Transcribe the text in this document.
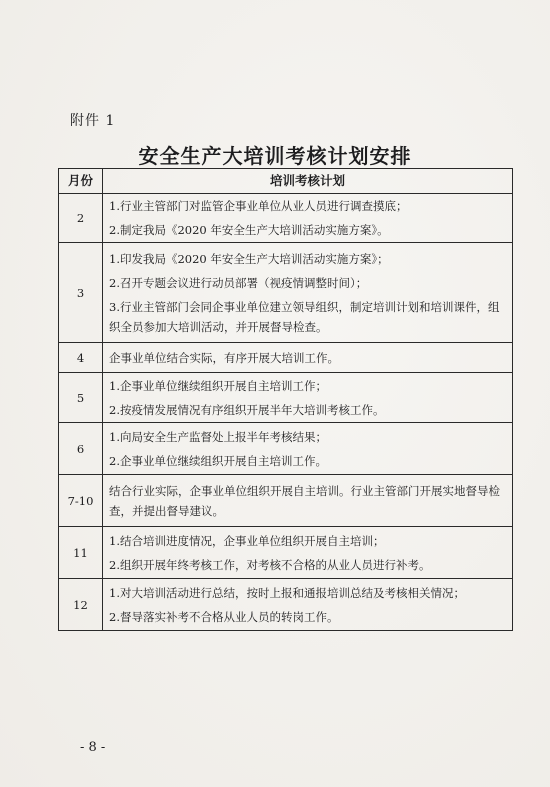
附件 1
安全生产大培训考核计划安排
月份	培训考核计划
2	1.行业主管部门对监管企事业单位从业人员进行调查摸底；
2.制定我局《2020 年安全生产大培训活动实施方案》。

3	1.印发我局《2020 年安全生产大培训活动实施方案》；
2.召开专题会议进行动员部署（视疫情调整时间）；
3.行业主管部门会同企事业单位建立领导组织，制定培训计划和培训课件，组织全员参加大培训活动，并开展督导检查。

4	企事业单位结合实际，有序开展大培训工作。

5	1.企事业单位继续组织开展自主培训工作；
2.按疫情发展情况有序组织开展半年大培训考核工作。

6	1.向局安全生产监督处上报半年考核结果；
2.企事业单位继续组织开展自主培训工作。

7-10	结合行业实际，企事业单位组织开展自主培训。行业主管部门开展实地督导检查，并提出督导建议。

11	1.结合培训进度情况，企事业单位组织开展自主培训；
2.组织开展年终考核工作，对考核不合格的从业人员进行补考。

12	1.对大培训活动进行总结，按时上报和通报培训总结及考核相关情况；
2.督导落实补考不合格从业人员的转岗工作。
- 8 -
